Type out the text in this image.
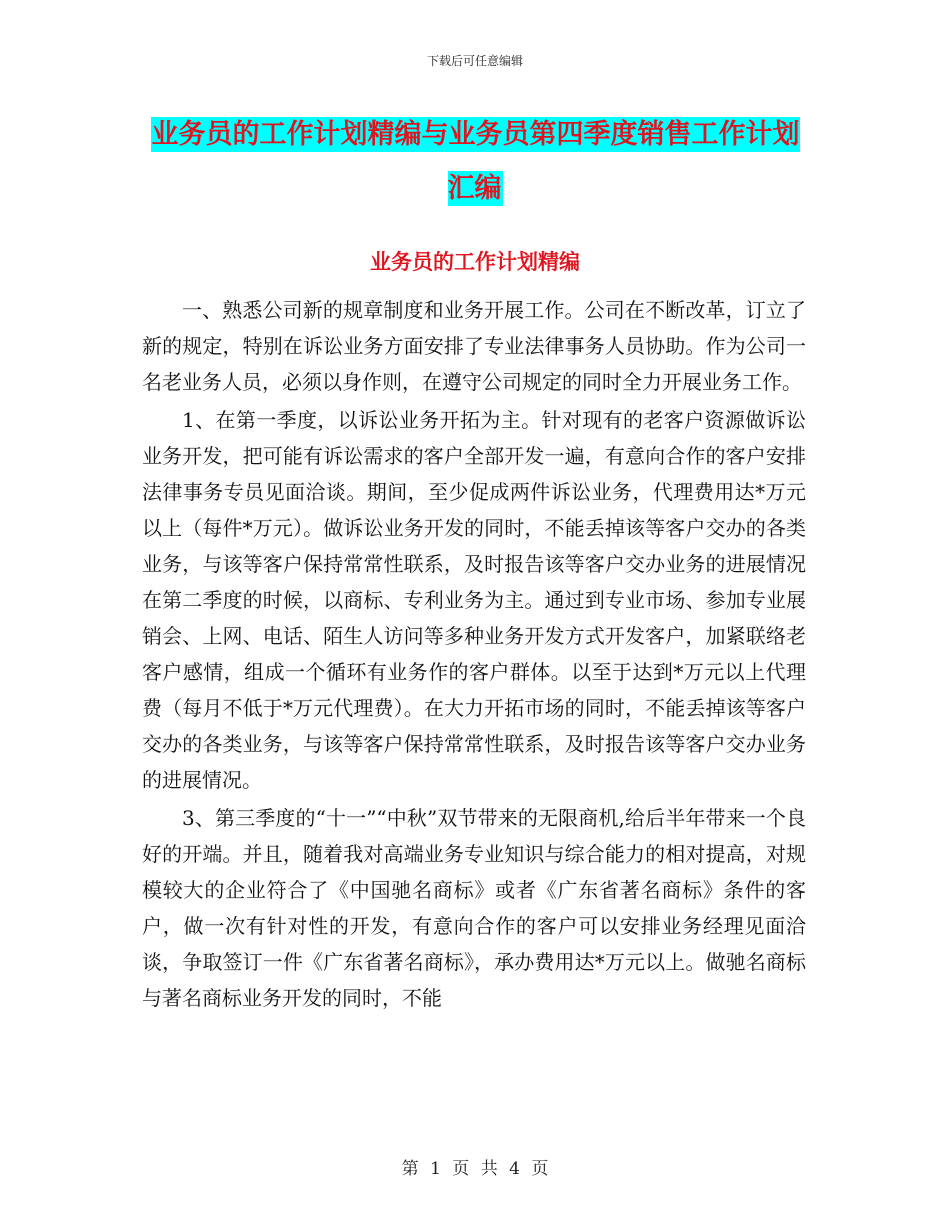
下载后可任意编辑
业务员的工作计划精编与业务员第四季度销售工作计划汇编
业务员的工作计划精编

一、熟悉公司新的规章制度和业务开展工作。公司在不断改革，订立了新的规定，特别在诉讼业务方面安排了专业法律事务人员协助。作为公司一名老业务人员，必须以身作则，在遵守公司规定的同时全力开展业务工作。

1、在第一季度，以诉讼业务开拓为主。针对现有的老客户资源做诉讼业务开发，把可能有诉讼需求的客户全部开发一遍，有意向合作的客户安排法律事务专员见面洽谈。期间，至少促成两件诉讼业务，代理费用达*万元以上（每件*万元）。做诉讼业务开发的同时，不能丢掉该等客户交办的各类业务，与该等客户保持常常性联系，及时报告该等客户交办业务的进展情况在第二季度的时候，以商标、专利业务为主。通过到专业市场、参加专业展销会、上网、电话、陌生人访问等多种业务开发方式开发客户，加紧联络老客户感情，组成一个循环有业务作的客户群体。以至于达到*万元以上代理费（每月不低于*万元代理费）。在大力开拓市场的同时，不能丢掉该等客户交办的各类业务，与该等客户保持常常性联系，及时报告该等客户交办业务的进展情况。

3、第三季度的“十一”“中秋”双节带来的无限商机,给后半年带来一个良好的开端。并且，随着我对高端业务专业知识与综合能力的相对提高，对规模较大的企业符合了《中国驰名商标》或者《广东省著名商标》条件的客户，做一次有针对性的开发，有意向合作的客户可以安排业务经理见面洽谈，争取签订一件《广东省著名商标》，承办费用达*万元以上。做驰名商标与著名商标业务开发的同时，不能

第 1 页 共 4 页
